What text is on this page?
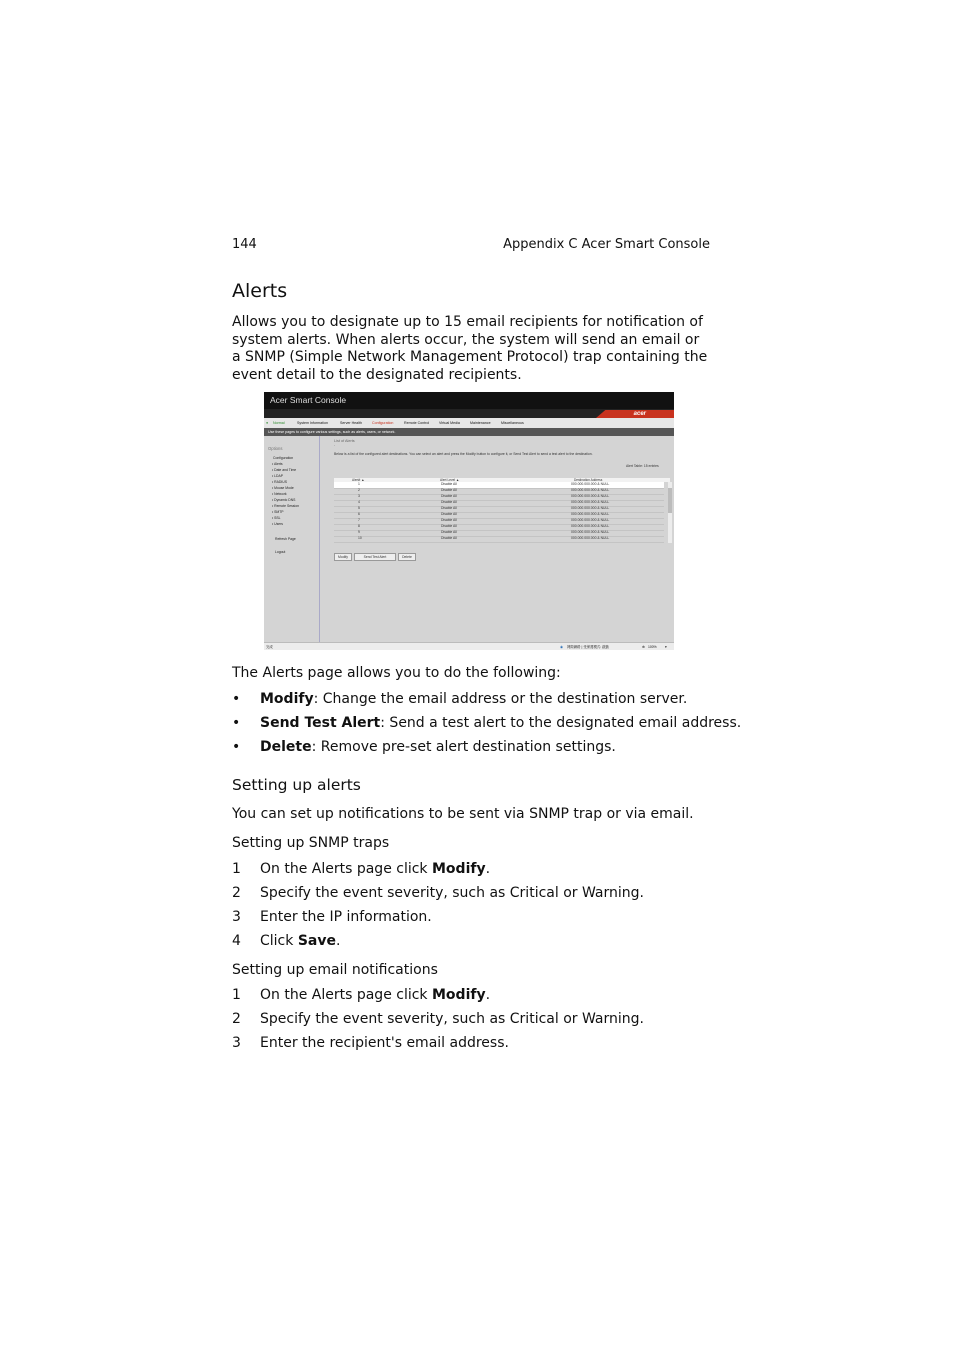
144	Appendix C Acer Smart Console
Alerts
Allows you to designate up to 15 email recipients for notification of system alerts. When alerts occur, the system will send an email or a SNMP (Simple Network Management Protocol) trap containing the event detail to the designated recipients.
Acer Smart Console
acer
● Normal	System Information	Server Health	Configuration	Remote Control	Virtual Media	Maintenance	Miscellaneous
Use these pages to configure various settings, such as alerts, users, or network.
Options
Configuration
• Alerts
• Date and Time
• LDAP
• RADIUS
• Mouse Mode
• Network
• Dynamic DNS
• Remote Session
• SMTP
• SSL
• Users
Refresh Page
Logout
List of Alerts
Below is a list of the configured alert destinations. You can select an alert and press the Modify button to configure it, or Send Test Alert to send a test alert to the destination.
Alert Table: 15 entries
Alert# ▲	Alert Level ▲	Destination Address
1	Disable All	000.000.000.000 & NULL
2	Disable All	000.000.000.000 & NULL
3	Disable All	000.000.000.000 & NULL
4	Disable All	000.000.000.000 & NULL
5	Disable All	000.000.000.000 & NULL
6	Disable All	000.000.000.000 & NULL
7	Disable All	000.000.000.000 & NULL
8	Disable All	000.000.000.000 & NULL
9	Disable All	000.000.000.000 & NULL
10	Disable All	000.000.000.000 & NULL
Modify	Send Test Alert	Delete
完成	◉ 网際網路 | 受保護模式: 啟動	⊕ 100% ▾
The Alerts page allows you to do the following:
• Modify: Change the email address or the destination server.
• Send Test Alert: Send a test alert to the designated email address.
• Delete: Remove pre-set alert destination settings.
Setting up alerts
You can set up notifications to be sent via SNMP trap or via email.
Setting up SNMP traps
1 On the Alerts page click Modify.
2 Specify the event severity, such as Critical or Warning.
3 Enter the IP information.
4 Click Save.
Setting up email notifications
1 On the Alerts page click Modify.
2 Specify the event severity, such as Critical or Warning.
3 Enter the recipient's email address.
